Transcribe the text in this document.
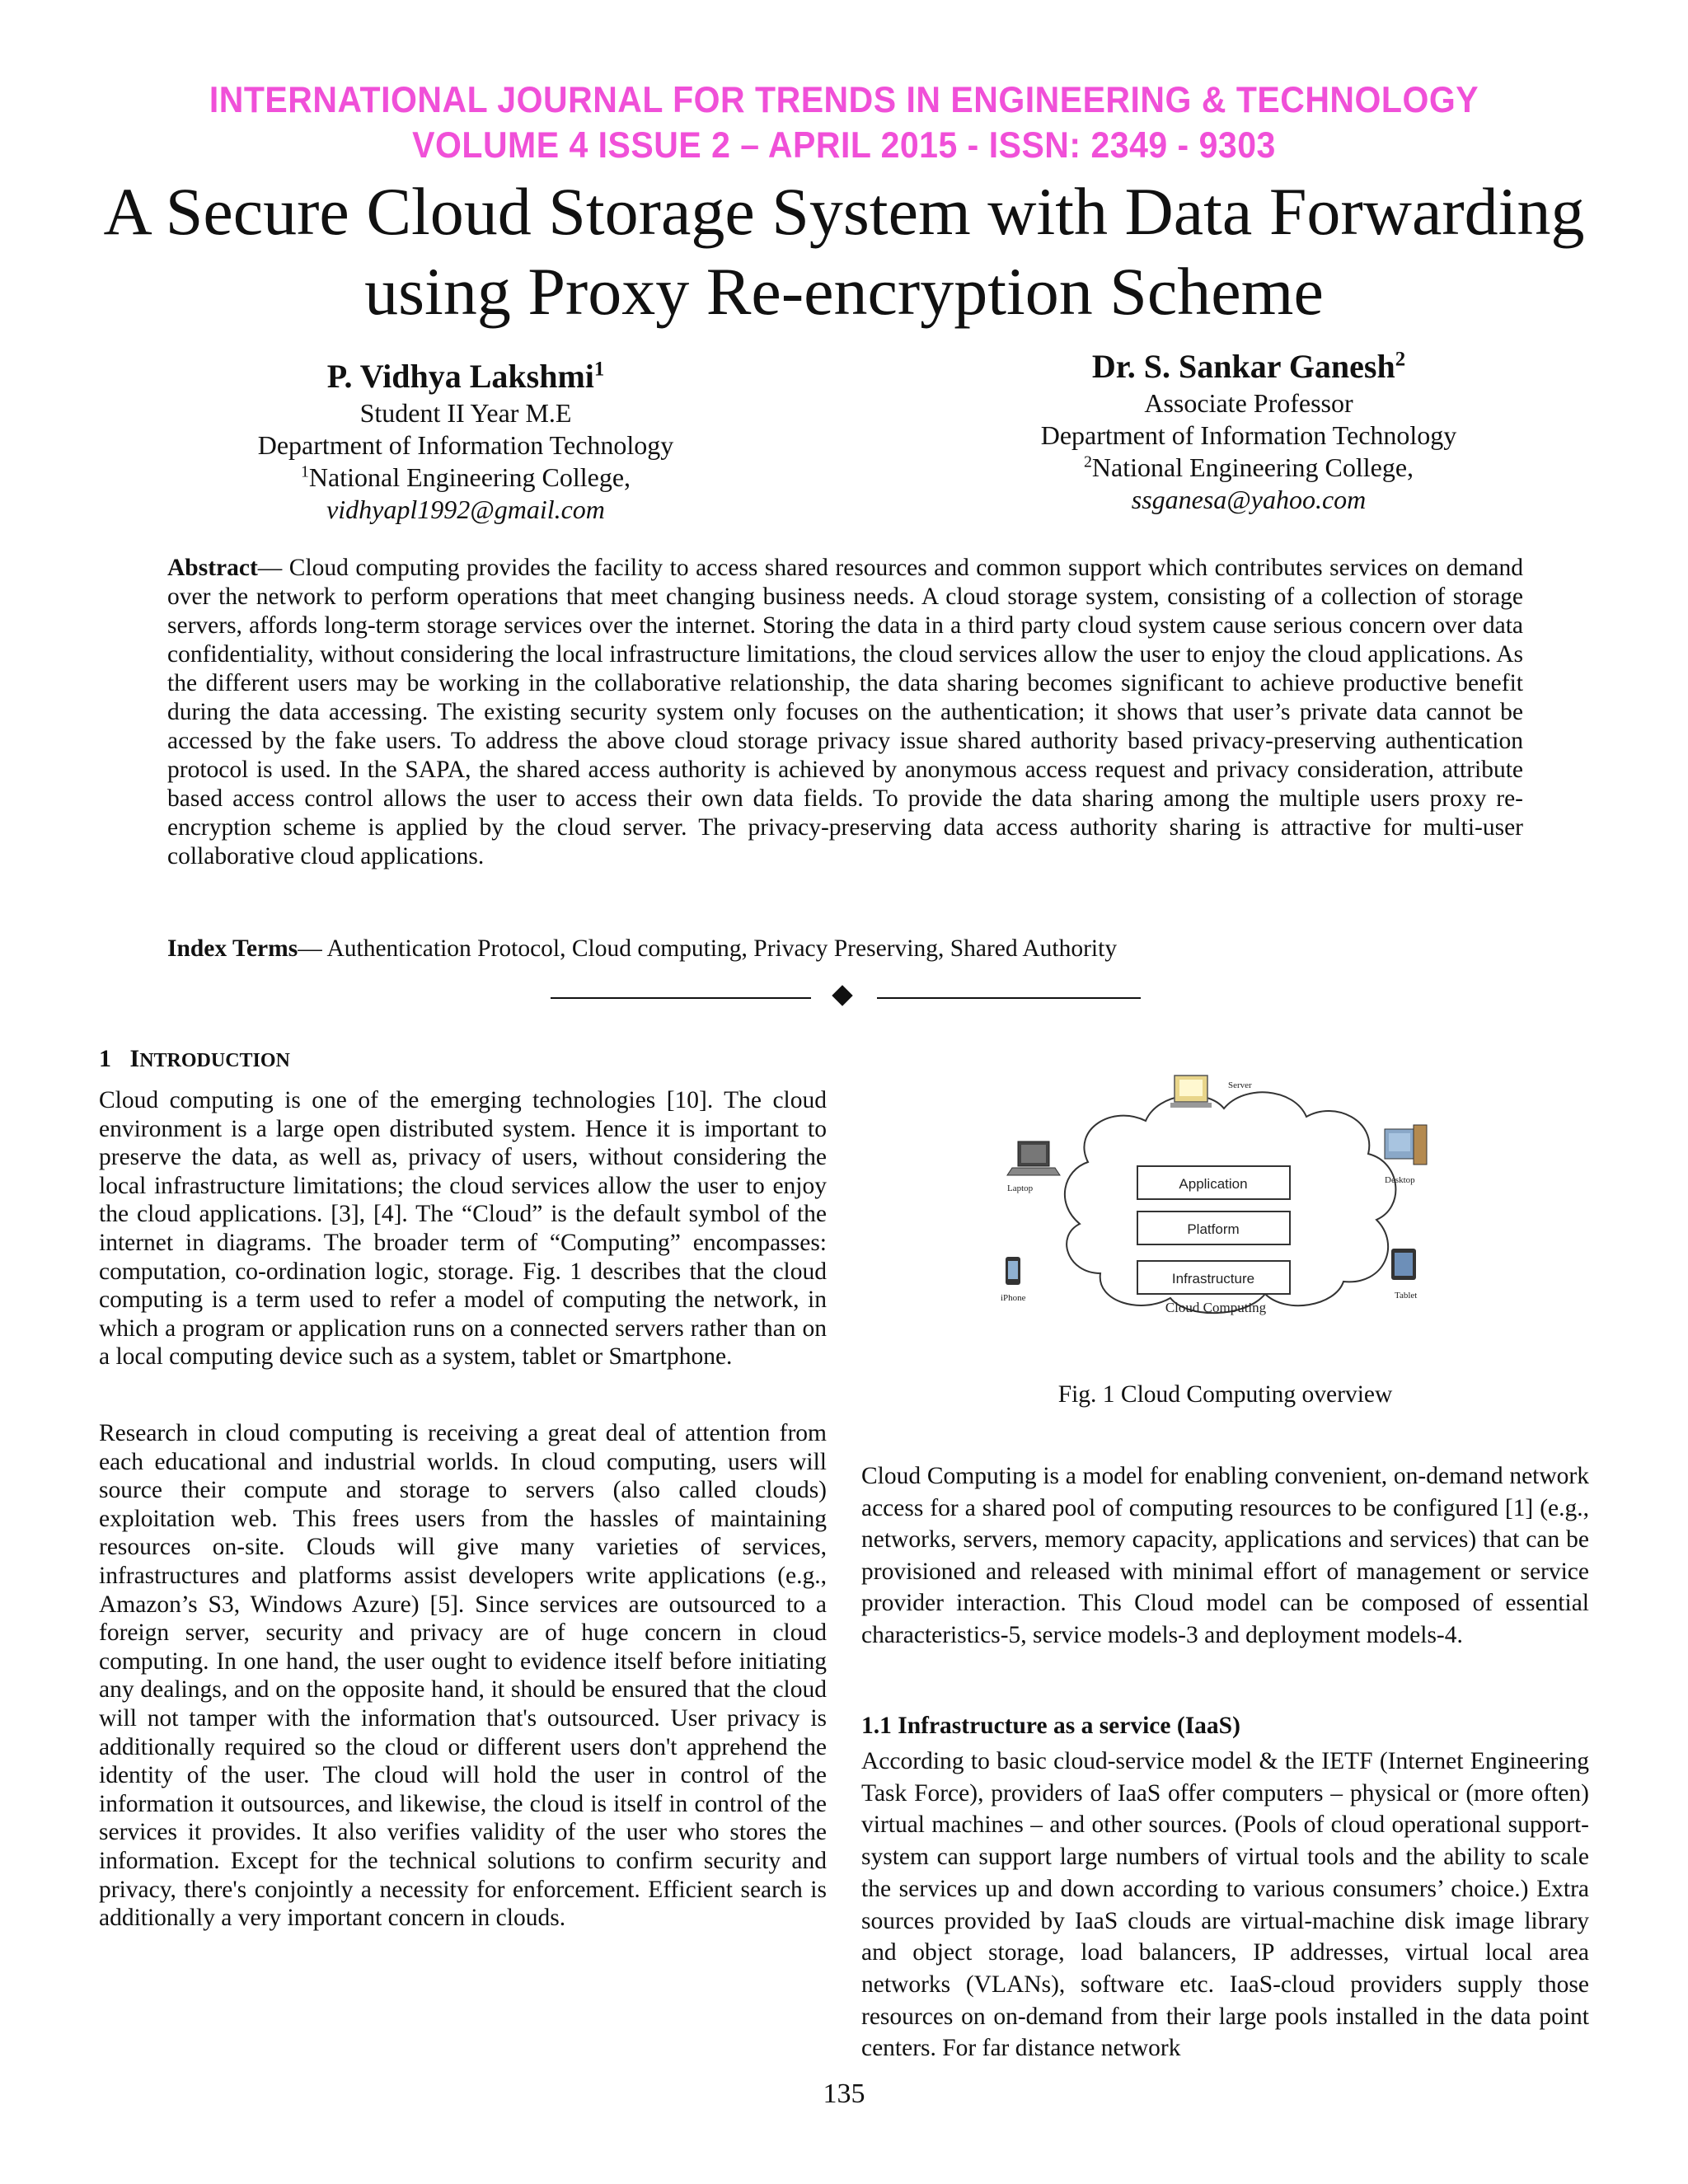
INTERNATIONAL JOURNAL FOR TRENDS IN ENGINEERING & TECHNOLOGY
VOLUME 4 ISSUE 2 – APRIL 2015 - ISSN: 2349 - 9303
A Secure Cloud Storage System with Data Forwarding
using Proxy Re-encryption Scheme
P. Vidhya Lakshmi$^1$
Student II Year M.E
Department of Information Technology
$^1$National Engineering College,
vidhyapl1992@gmail.com
Dr. S. Sankar Ganesh$^2$
Associate Professor
Department of Information Technology
$^2$National Engineering College,
ssganesa@yahoo.com
Abstract— Cloud computing provides the facility to access shared resources and common support which contributes services on demand over the network to perform operations that meet changing business needs. A cloud storage system, consisting of a collection of storage servers, affords long-term storage services over the internet. Storing the data in a third party cloud system cause serious concern over data confidentiality, without considering the local infrastructure limitations, the cloud services allow the user to enjoy the cloud applications. As the different users may be working in the collaborative relationship, the data sharing becomes significant to achieve productive benefit during the data accessing. The existing security system only focuses on the authentication; it shows that user’s private data cannot be accessed by the fake users. To address the above cloud storage privacy issue shared authority based privacy-preserving authentication protocol is used. In the SAPA, the shared access authority is achieved by anonymous access request and privacy consideration, attribute based access control allows the user to access their own data fields. To provide the data sharing among the multiple users proxy re-encryption scheme is applied by the cloud server. The privacy-preserving data access authority sharing is attractive for multi-user collaborative cloud applications.
Index Terms— Authentication Protocol, Cloud computing, Privacy Preserving, Shared Authority
1 INTRODUCTION

Cloud computing is one of the emerging technologies [10]. The cloud environment is a large open distributed system. Hence it is important to preserve the data, as well as, privacy of users, without considering the local infrastructure limitations; the cloud services allow the user to enjoy the cloud applications. [3], [4]. The “Cloud” is the default symbol of the internet in diagrams. The broader term of “Computing” encompasses: computation, co-ordination logic, storage. Fig. 1 describes that the cloud computing is a term used to refer a model of computing the network, in which a program or application runs on a connected servers rather than on a local computing device such as a system, tablet or Smartphone.

Research in cloud computing is receiving a great deal of attention from each educational and industrial worlds. In cloud computing, users will source their compute and storage to servers (also called clouds) exploitation web. This frees users from the hassles of maintaining resources on-site. Clouds will give many varieties of services, infrastructures and platforms assist developers write applications (e.g., Amazon’s S3, Windows Azure) [5]. Since services are outsourced to a foreign server, security and privacy are of huge concern in cloud computing. In one hand, the user ought to evidence itself before initiating any dealings, and on the opposite hand, it should be ensured that the cloud will not tamper with the information that's outsourced. User privacy is additionally required so the cloud or different users don't apprehend the identity of the user. The cloud will hold the user in control of the information it outsources, and likewise, the cloud is itself in control of the services it provides. It also verifies validity of the user who stores the information. Except for the technical solutions to confirm security and privacy, there's conjointly a necessity for enforcement. Efficient search is additionally a very important concern in clouds.

Application
Platform
Infrastructure
Cloud Computing
Server
Laptop
Desktop
iPhone	Tablet
Fig. 1 Cloud Computing overview

Cloud Computing is a model for enabling convenient, on-demand network access for a shared pool of computing resources to be configured [1] (e.g., networks, servers, memory capacity, applications and services) that can be provisioned and released with minimal effort of management or service provider interaction. This Cloud model can be composed of essential characteristics-5, service models-3 and deployment models-4.

1.1 Infrastructure as a service (IaaS)

According to basic cloud-service model & the IETF (Internet Engineering Task Force), providers of IaaS offer computers – physical or (more often) virtual machines – and other sources. (Pools of cloud operational support-system can support large numbers of virtual tools and the ability to scale the services up and down according to various consumers’ choice.) Extra sources provided by IaaS clouds are virtual-machine disk image library and object storage, load balancers, IP addresses, virtual local area networks (VLANs), software etc. IaaS-cloud providers supply those resources on on-demand from their large pools installed in the data point centers. For far distance network

135
